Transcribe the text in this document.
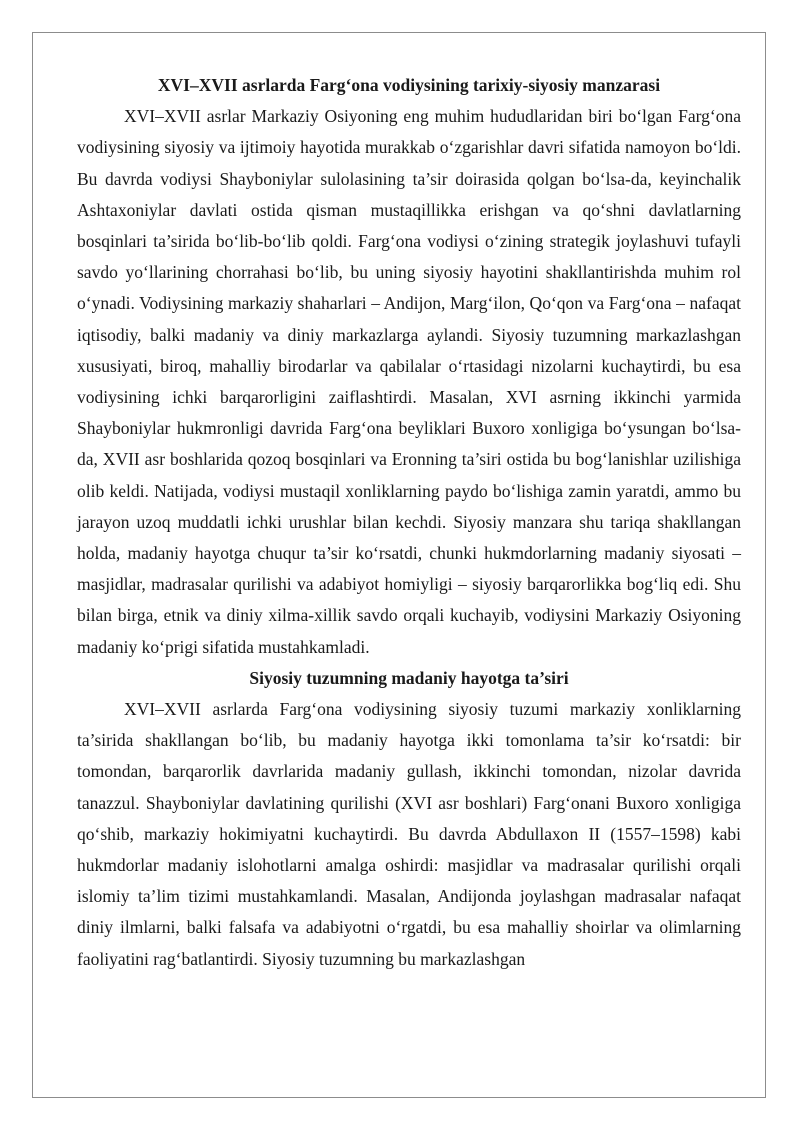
XVI–XVII asrlarda Farg‘ona vodiysining tarixiy-siyosiy manzarasi

XVI–XVII asrlar Markaziy Osiyoning eng muhim hududlaridan biri bo‘lgan Farg‘ona vodiysining siyosiy va ijtimoiy hayotida murakkab o‘zgarishlar davri sifatida namoyon bo‘ldi. Bu davrda vodiysi Shayboniylar sulolasining ta’sir doirasida qolgan bo‘lsa-da, keyinchalik Ashtaxoniylar davlati ostida qisman mustaqillikka erishgan va qo‘shni davlatlarning bosqinlari ta’sirida bo‘lib-bo‘lib qoldi. Farg‘ona vodiysi o‘zining strategik joylashuvi tufayli savdo yo‘llarining chorrahasi bo‘lib, bu uning siyosiy hayotini shakllantirishda muhim rol o‘ynadi. Vodiysining markaziy shaharlari – Andijon, Marg‘ilon, Qo‘qon va Farg‘ona – nafaqat iqtisodiy, balki madaniy va diniy markazlarga aylandi. Siyosiy tuzumning markazlashgan xususiyati, biroq, mahalliy birodarlar va qabilalar o‘rtasidagi nizolarni kuchaytirdi, bu esa vodiysining ichki barqarorligini zaiflashtirdi. Masalan, XVI asrning ikkinchi yarmida Shayboniylar hukmronligi davrida Farg‘ona beyliklari Buxoro xonligiga bo‘ysungan bo‘lsa-da, XVII asr boshlarida qozoq bosqinlari va Eronning ta’siri ostida bu bog‘lanishlar uzilishiga olib keldi. Natijada, vodiysi mustaqil xonliklarning paydo bo‘lishiga zamin yaratdi, ammo bu jarayon uzoq muddatli ichki urushlar bilan kechdi. Siyosiy manzara shu tariqa shakllangan holda, madaniy hayotga chuqur ta’sir ko‘rsatdi, chunki hukmdorlarning madaniy siyosati – masjidlar, madrasalar qurilishi va adabiyot homiyligi – siyosiy barqarorlikka bog‘liq edi. Shu bilan birga, etnik va diniy xilma-xillik savdo orqali kuchayib, vodiysini Markaziy Osiyoning madaniy ko‘prigi sifatida mustahkamladi.

Siyosiy tuzumning madaniy hayotga ta’siri

XVI–XVII asrlarda Farg‘ona vodiysining siyosiy tuzumi markaziy xonliklarning ta’sirida shakllangan bo‘lib, bu madaniy hayotga ikki tomonlama ta’sir ko‘rsatdi: bir tomondan, barqarorlik davrlarida madaniy gullash, ikkinchi tomondan, nizolar davrida tanazzul. Shayboniylar davlatining qurilishi (XVI asr boshlari) Farg‘onani Buxoro xonligiga qo‘shib, markaziy hokimiyatni kuchaytirdi. Bu davrda Abdullaxon II (1557–1598) kabi hukmdorlar madaniy islohotlarni amalga oshirdi: masjidlar va madrasalar qurilishi orqali islomiy ta’lim tizimi mustahkamlandi. Masalan, Andijonda joylashgan madrasalar nafaqat diniy ilmlarni, balki falsafa va adabiyotni o‘rgatdi, bu esa mahalliy shoirlar va olimlarning faoliyatini rag‘batlantirdi. Siyosiy tuzumning bu markazlashgan
